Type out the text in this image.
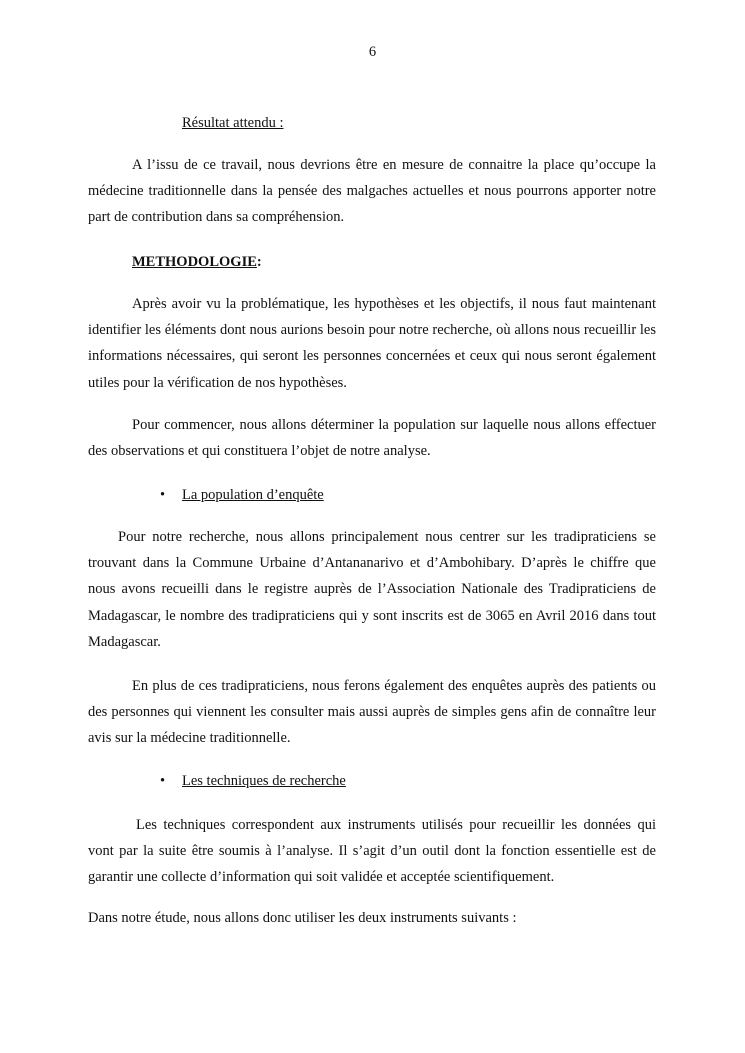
6
Résultat attendu :
A l’issu de ce travail, nous devrions être en mesure de connaitre la place qu’occupe la médecine traditionnelle dans la pensée des malgaches actuelles et nous pourrons apporter notre part de contribution dans sa compréhension.
METHODOLOGIE:
Après avoir vu la problématique, les hypothèses et les objectifs, il nous faut maintenant identifier les éléments dont nous aurions besoin pour notre recherche, où allons nous recueillir les informations nécessaires, qui seront les personnes concernées et ceux qui nous seront également utiles pour la vérification de nos hypothèses.
Pour commencer, nous allons déterminer la population sur laquelle nous allons effectuer des observations et qui constituera l’objet de notre analyse.
• La population d’enquête
Pour notre recherche, nous allons principalement nous centrer sur les tradipraticiens se trouvant dans la Commune Urbaine d’Antananarivo et d’Ambohibary. D’après le chiffre que nous avons recueilli dans le registre auprès de l’Association Nationale des Tradipraticiens de Madagascar, le nombre des tradipraticiens qui y sont inscrits est de 3065 en Avril 2016 dans tout Madagascar.
En plus de ces tradipraticiens, nous ferons également des enquêtes auprès des patients ou des personnes qui viennent les consulter mais aussi auprès de simples gens afin de connaître leur avis sur la médecine traditionnelle.
• Les techniques de recherche
Les techniques correspondent aux instruments utilisés pour recueillir les données qui vont par la suite être soumis à l’analyse. Il s’agit d’un outil dont la fonction essentielle est de garantir une collecte d’information qui soit validée et acceptée scientifiquement.
Dans notre étude, nous allons donc utiliser les deux instruments suivants :
